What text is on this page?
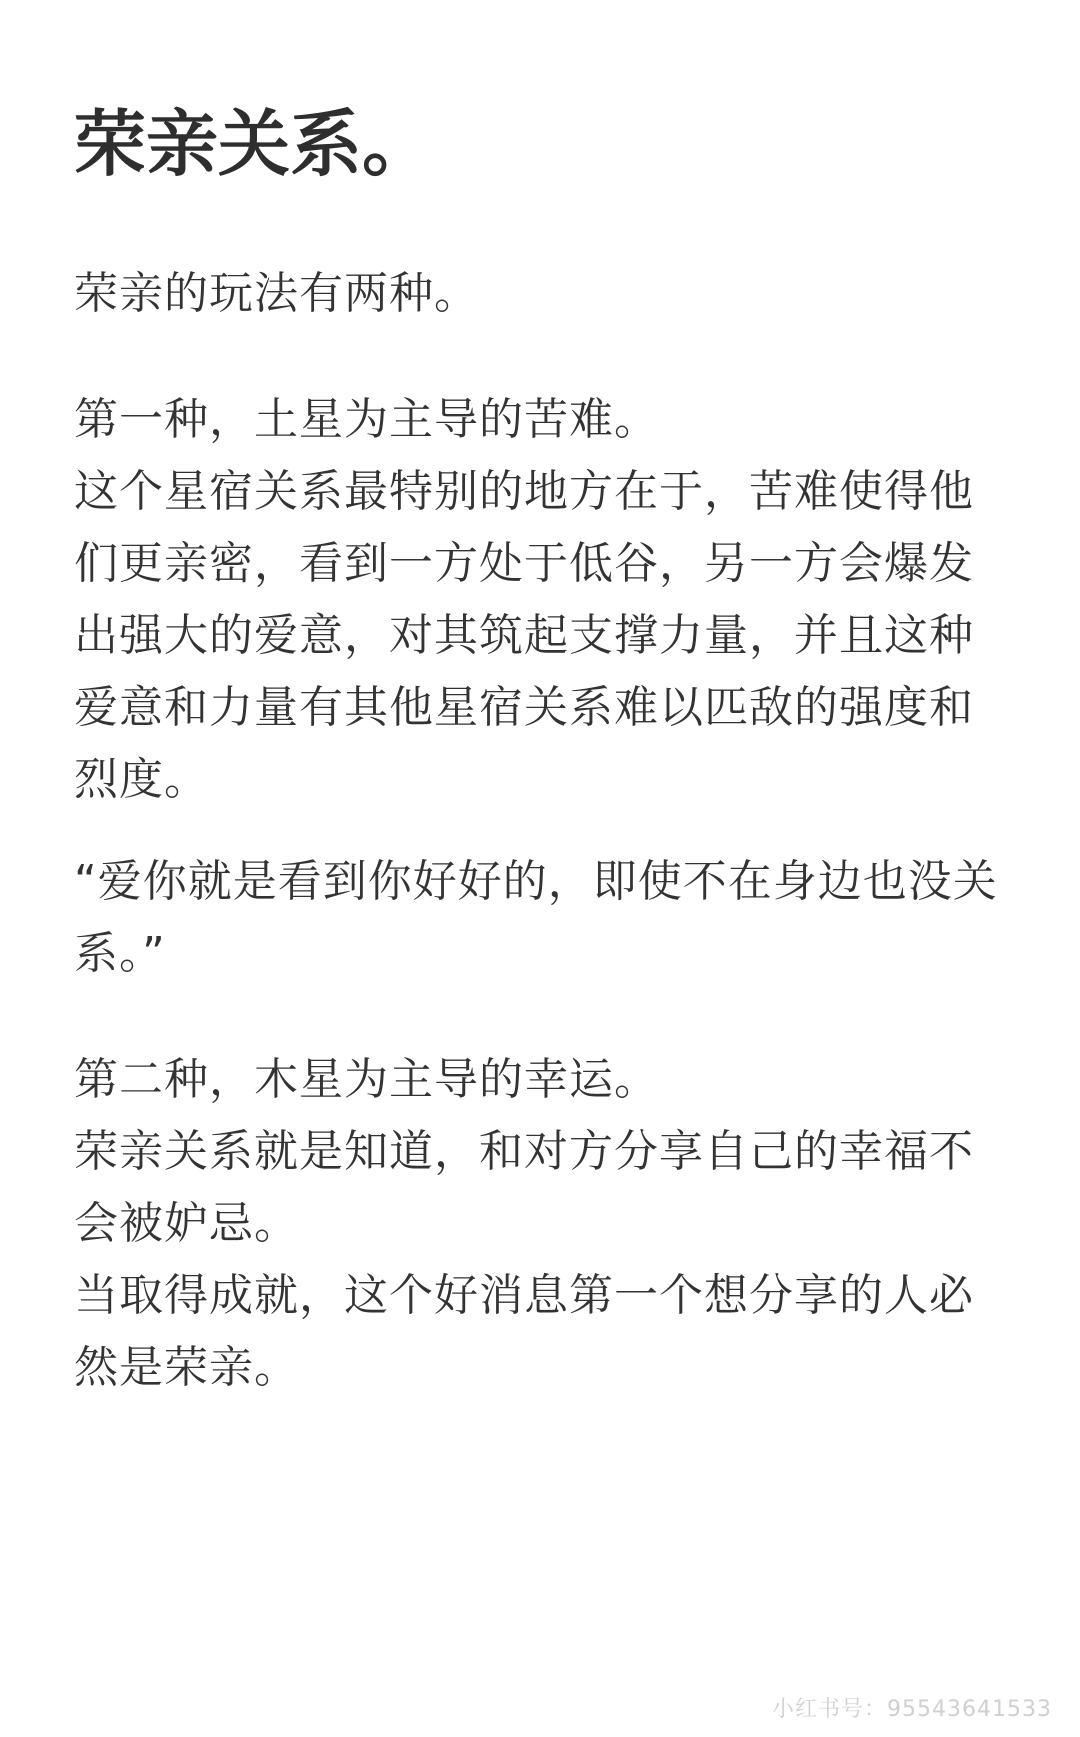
荣亲关系。

荣亲的玩法有两种。

第一种，土星为主导的苦难。
这个星宿关系最特别的地方在于，苦难使得他
们更亲密，看到一方处于低谷，另一方会爆发
出强大的爱意，对其筑起支撑力量，并且这种
爱意和力量有其他星宿关系难以匹敌的强度和
烈度。

“爱你就是看到你好好的，即使不在身边也没关
系。”

第二种，木星为主导的幸运。
荣亲关系就是知道，和对方分享自己的幸福不
会被妒忌。
当取得成就，这个好消息第一个想分享的人必
然是荣亲。

小红书号：95543641533
